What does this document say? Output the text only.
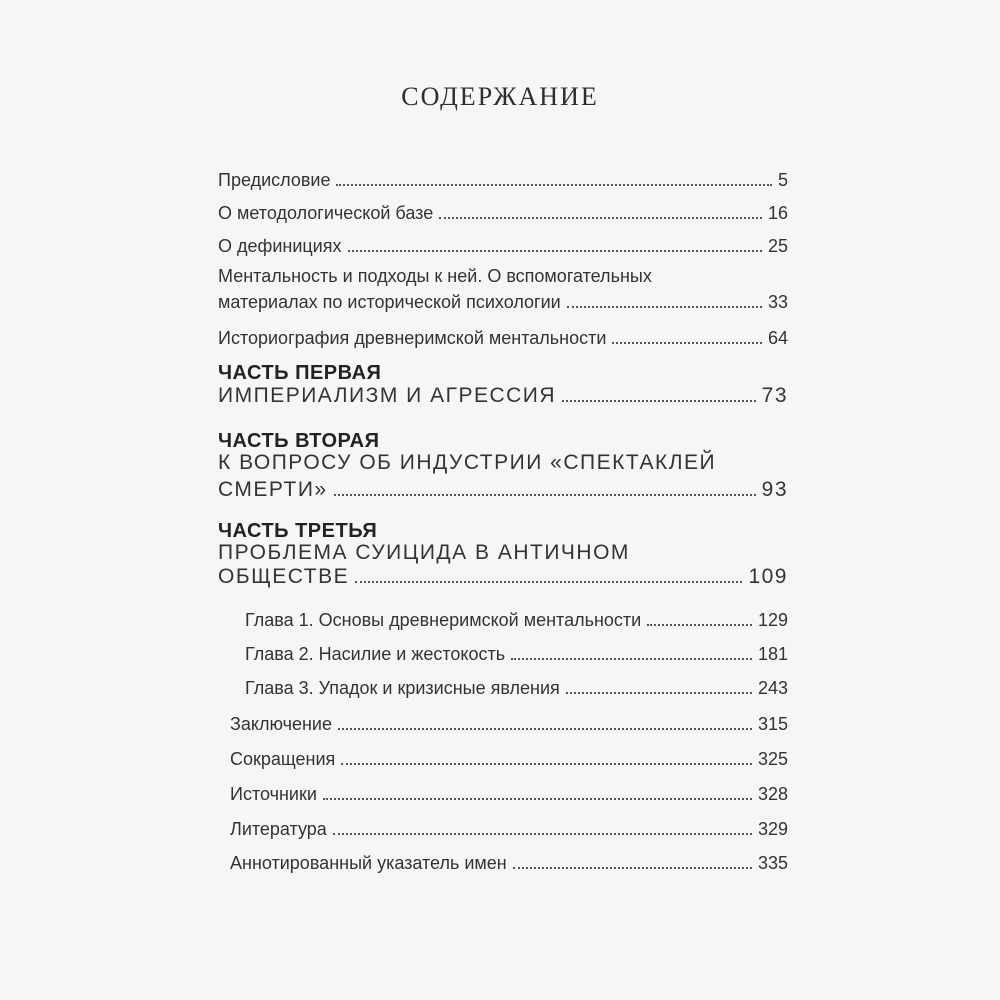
СОДЕРЖАНИЕ
Предисловие	5
О методологической базе	16
О дефинициях	25
Ментальность и подходы к ней. О вспомогательных
материалах по исторической психологии	33
Историография древнеримской ментальности	64
ЧАСТЬ ПЕРВАЯ
ИМПЕРИАЛИЗМ И АГРЕССИЯ	73
ЧАСТЬ ВТОРАЯ
К ВОПРОСУ ОБ ИНДУСТРИИ «СПЕКТАКЛЕЙ
СМЕРТИ»	93
ЧАСТЬ ТРЕТЬЯ
ПРОБЛЕМА СУИЦИДА В АНТИЧНОМ
ОБЩЕСТВЕ	109
Глава 1. Основы древнеримской ментальности	129
Глава 2. Насилие и жестокость	181
Глава 3. Упадок и кризисные явления	243
Заключение	315
Сокращения	325
Источники	328
Литература	329
Аннотированный указатель имен	335
